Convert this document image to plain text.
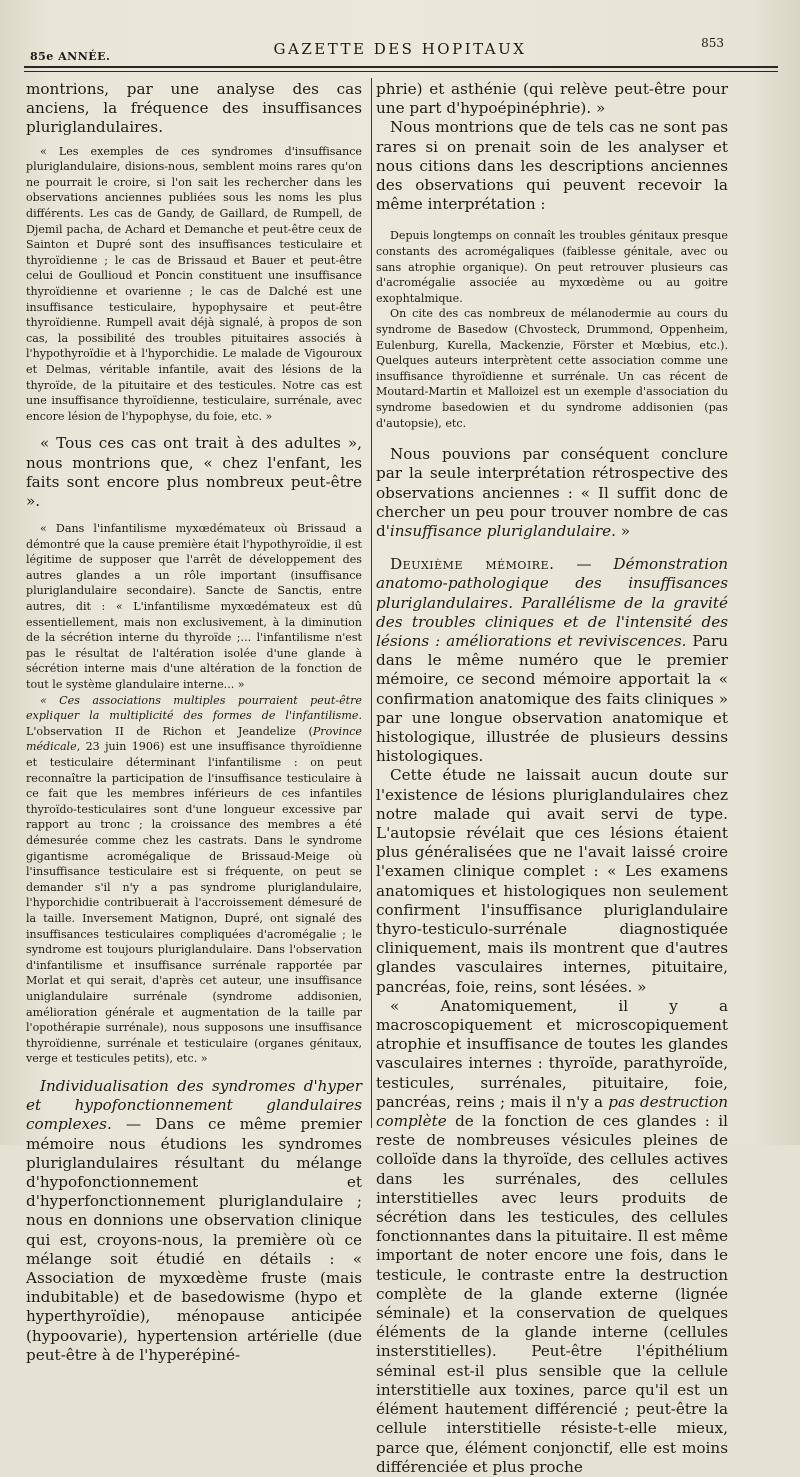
85e ANNÉE.	GAZETTE DES HOPITAUX	853

montrions, par une analyse des cas anciens, la fréquence des insuffisances pluriglandulaires.

« Les exemples de ces syndromes d'insuffisance pluriglandulaire, disions-nous, semblent moins rares qu'on ne pourrait le croire, si l'on sait les rechercher dans les observations anciennes publiées sous les noms les plus différents. Les cas de Gandy, de Gaillard, de Rumpell, de Djemil pacha, de Achard et Demanche et peut-être ceux de Sainton et Dupré sont des insuffisances testiculaire et thyroïdienne ; le cas de Brissaud et Bauer et peut-être celui de Goullioud et Poncin constituent une insuffisance thyroïdienne et ovarienne ; le cas de Dalché est une insuffisance testiculaire, hypophysaire et peut-être thyroïdienne. Rumpell avait déjà signalé, à propos de son cas, la possibilité des troubles pituitaires associés à l'hypothyroïdie et à l'hyporchidie. Le malade de Vigouroux et Delmas, véritable infantile, avait des lésions de la thyroïde, de la pituitaire et des testicules. Notre cas est une insuffisance thyroïdienne, testiculaire, surrénale, avec encore lésion de l'hypophyse, du foie, etc. »

« Tous ces cas ont trait à des adultes », nous montrions que, « chez l'enfant, les faits sont encore plus nombreux peut-être ».

« Dans l'infantilisme myxœdémateux où Brissaud a démontré que la cause première était l'hypothyroïdie, il est légitime de supposer que l'arrêt de développement des autres glandes a un rôle important (insuffisance pluriglandulaire secondaire). Sancte de Sanctis, entre autres, dit : « L'infantilisme myxœdémateux est dû essentiellement, mais non exclusivement, à la diminution de la sécrétion interne du thyroïde ;... l'infantilisme n'est pas le résultat de l'altération isolée d'une glande à sécrétion interne mais d'une altération de la fonction de tout le système glandulaire interne... »

« Ces associations multiples pourraient peut-être expliquer la multiplicité des formes de l'infantilisme. L'observation II de Richon et Jeandelize (Province médicale, 23 juin 1906) est une insuffisance thyroïdienne et testiculaire déterminant l'infantilisme : on peut reconnaître la participation de l'insuffisance testiculaire à ce fait que les membres inférieurs de ces infantiles thyroïdo-testiculaires sont d'une longueur excessive par rapport au tronc ; la croissance des membres a été démesurée comme chez les castrats. Dans le syndrome gigantisme acromégalique de Brissaud-Meige où l'insuffisance testiculaire est si fréquente, on peut se demander s'il n'y a pas syndrome pluriglandulaire, l'hyporchidie contribuerait à l'accroissement démesuré de la taille. Inversement Matignon, Dupré, ont signalé des insuffisances testiculaires compliquées d'acromégalie ; le syndrome est toujours pluriglandulaire. Dans l'observation d'infantilisme et insuffisance surrénale rapportée par Morlat et qui serait, d'après cet auteur, une insuffisance uniglandulaire surrénale (syndrome addisonien, amélioration générale et augmentation de la taille par l'opothérapie surrénale), nous supposons une insuffisance thyroïdienne, surrénale et testiculaire (organes génitaux, verge et testicules petits), etc. »

Individualisation des syndromes d'hyper et hypofonctionnement glandulaires complexes. — Dans ce même premier mémoire nous étudions les syndromes pluriglandulaires résultant du mélange d'hypofonctionnement et d'hyperfonctionnement pluriglandulaire ; nous en donnions une observation clinique qui est, croyons-nous, la première où ce mélange soit étudié en détails : « Association de myxœdème fruste (mais indubitable) et de basedowisme (hypo et hyperthyroïdie), ménopause anticipée (hypoovarie), hypertension artérielle (due peut-être à de l'hyperépiné-

phrie) et asthénie (qui relève peut-être pour une part d'hypoépinéphrie). »

Nous montrions que de tels cas ne sont pas rares si on prenait soin de les analyser et nous citions dans les descriptions anciennes des observations qui peuvent recevoir la même interprétation :

Depuis longtemps on connaît les troubles génitaux presque constants des acromégaliques (faiblesse génitale, avec ou sans atrophie organique). On peut retrouver plusieurs cas d'acromégalie associée au myxœdème ou au goitre exophtalmique.

On cite des cas nombreux de mélanodermie au cours du syndrome de Basedow (Chvosteck, Drummond, Oppenheim, Eulenburg, Kurella, Mackenzie, Förster et Mœbius, etc.). Quelques auteurs interprètent cette association comme une insuffisance thyroïdienne et surrénale. Un cas récent de Moutard-Martin et Malloizel est un exemple d'association du syndrome basedowien et du syndrome addisonien (pas d'autopsie), etc.

Nous pouvions par conséquent conclure par la seule interprétation rétrospective des observations anciennes : « Il suffit donc de chercher un peu pour trouver nombre de cas d'insuffisance pluriglandulaire. »

Deuxième mémoire. — Démonstration anatomo-pathologique des insuffisances pluriglandulaires. Parallélisme de la gravité des troubles cliniques et de l'intensité des lésions : améliorations et reviviscences. Paru dans le même numéro que le premier mémoire, ce second mémoire apportait la « confirmation anatomique des faits cliniques » par une longue observation anatomique et histologique, illustrée de plusieurs dessins histologiques.

Cette étude ne laissait aucun doute sur l'existence de lésions pluriglandulaires chez notre malade qui avait servi de type. L'autopsie révélait que ces lésions étaient plus généralisées que ne l'avait laissé croire l'examen clinique complet : « Les examens anatomiques et histologiques non seulement confirment l'insuffisance pluriglandulaire thyro-testiculo-surrénale diagnostiquée cliniquement, mais ils montrent que d'autres glandes vasculaires internes, pituitaire, pancréas, foie, reins, sont lésées. »

« Anatomiquement, il y a macroscopiquement et microscopiquement atrophie et insuffisance de toutes les glandes vasculaires internes : thyroïde, parathyroïde, testicules, surrénales, pituitaire, foie, pancréas, reins ; mais il n'y a pas destruction complète de la fonction de ces glandes : il reste de nombreuses vésicules pleines de colloïde dans la thyroïde, des cellules actives dans les surrénales, des cellules interstitielles avec leurs produits de sécrétion dans les testicules, des cellules fonctionnantes dans la pituitaire. Il est même important de noter encore une fois, dans le testicule, le contraste entre la destruction complète de la glande externe (lignée séminale) et la conservation de quelques éléments de la glande interne (cellules insterstitielles). Peut-être l'épithélium séminal est-il plus sensible que la cellule interstitielle aux toxines, parce qu'il est un élément hautement différencié ; peut-être la cellule interstitielle résiste-t-elle mieux, parce que, élément conjonctif, elle est moins différenciée et plus proche
